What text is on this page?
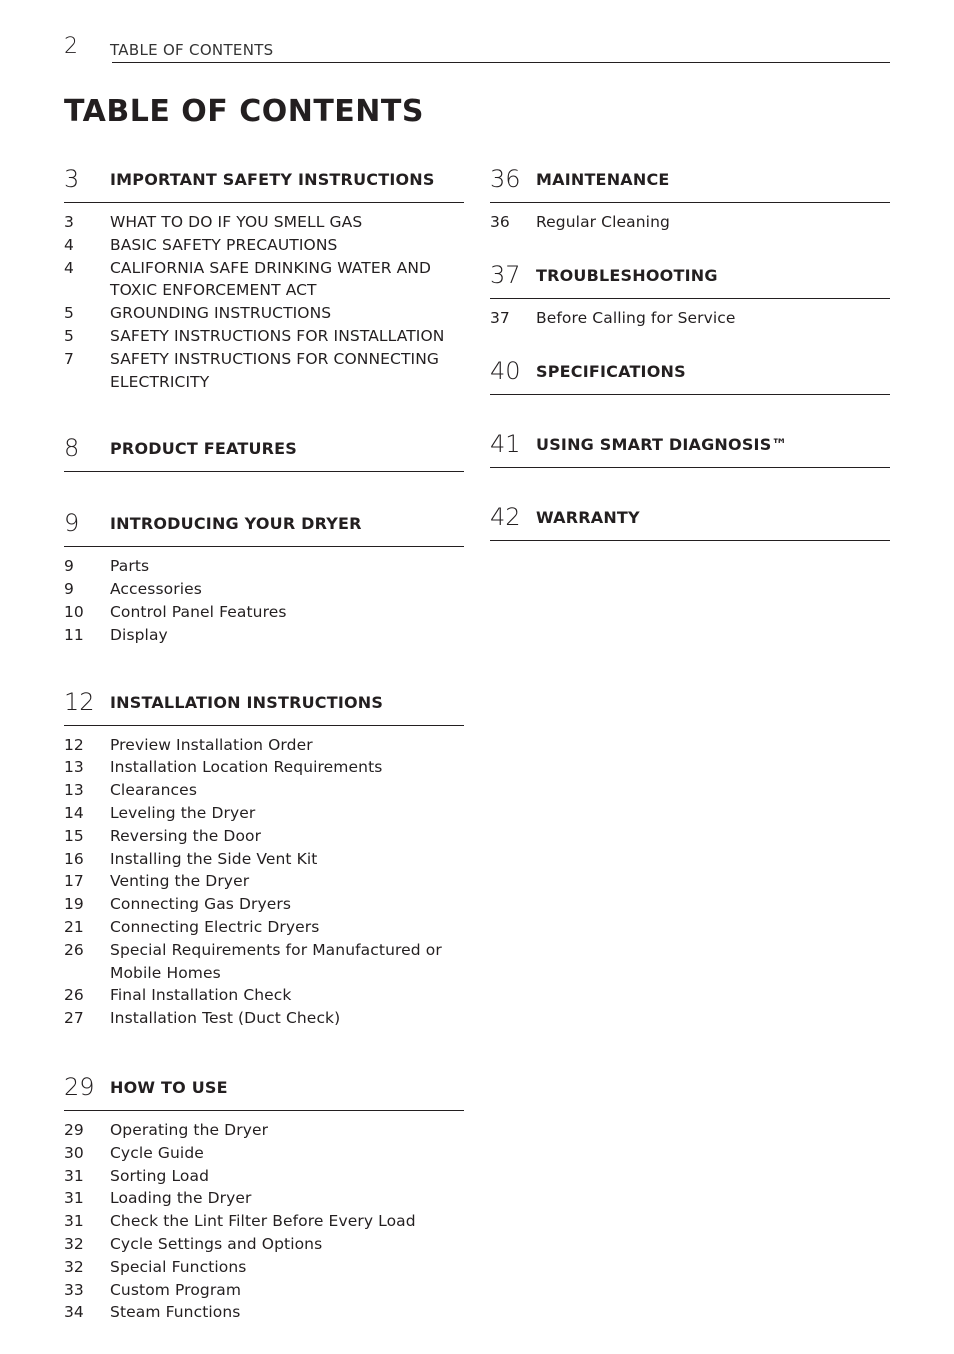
2 TABLE OF CONTENTS
TABLE OF CONTENTS
3 IMPORTANT SAFETY INSTRUCTIONS
3 WHAT TO DO IF YOU SMELL GAS
4 BASIC SAFETY PRECAUTIONS
4 CALIFORNIA SAFE DRINKING WATER AND
TOXIC ENFORCEMENT ACT
5 GROUNDING INSTRUCTIONS
5 SAFETY INSTRUCTIONS FOR INSTALLATION
7 SAFETY INSTRUCTIONS FOR CONNECTING
ELECTRICITY
8 PRODUCT FEATURES
9 INTRODUCING YOUR DRYER
9 Parts
9 Accessories
10 Control Panel Features
11 Display
12 INSTALLATION INSTRUCTIONS
12 Preview Installation Order
13 Installation Location Requirements
13 Clearances
14 Leveling the Dryer
15 Reversing the Door
16 Installing the Side Vent Kit
17 Venting the Dryer
19 Connecting Gas Dryers
21 Connecting Electric Dryers
26 Special Requirements for Manufactured or
Mobile Homes
26 Final Installation Check
27 Installation Test (Duct Check)
29 HOW TO USE
29 Operating the Dryer
30 Cycle Guide
31 Sorting Load
31 Loading the Dryer
31 Check the Lint Filter Before Every Load
32 Cycle Settings and Options
32 Special Functions
33 Custom Program
34 Steam Functions
36 MAINTENANCE
36 Regular Cleaning
37 TROUBLESHOOTING
37 Before Calling for Service
40 SPECIFICATIONS
41 USING SMART DIAGNOSIS™
42 WARRANTY
